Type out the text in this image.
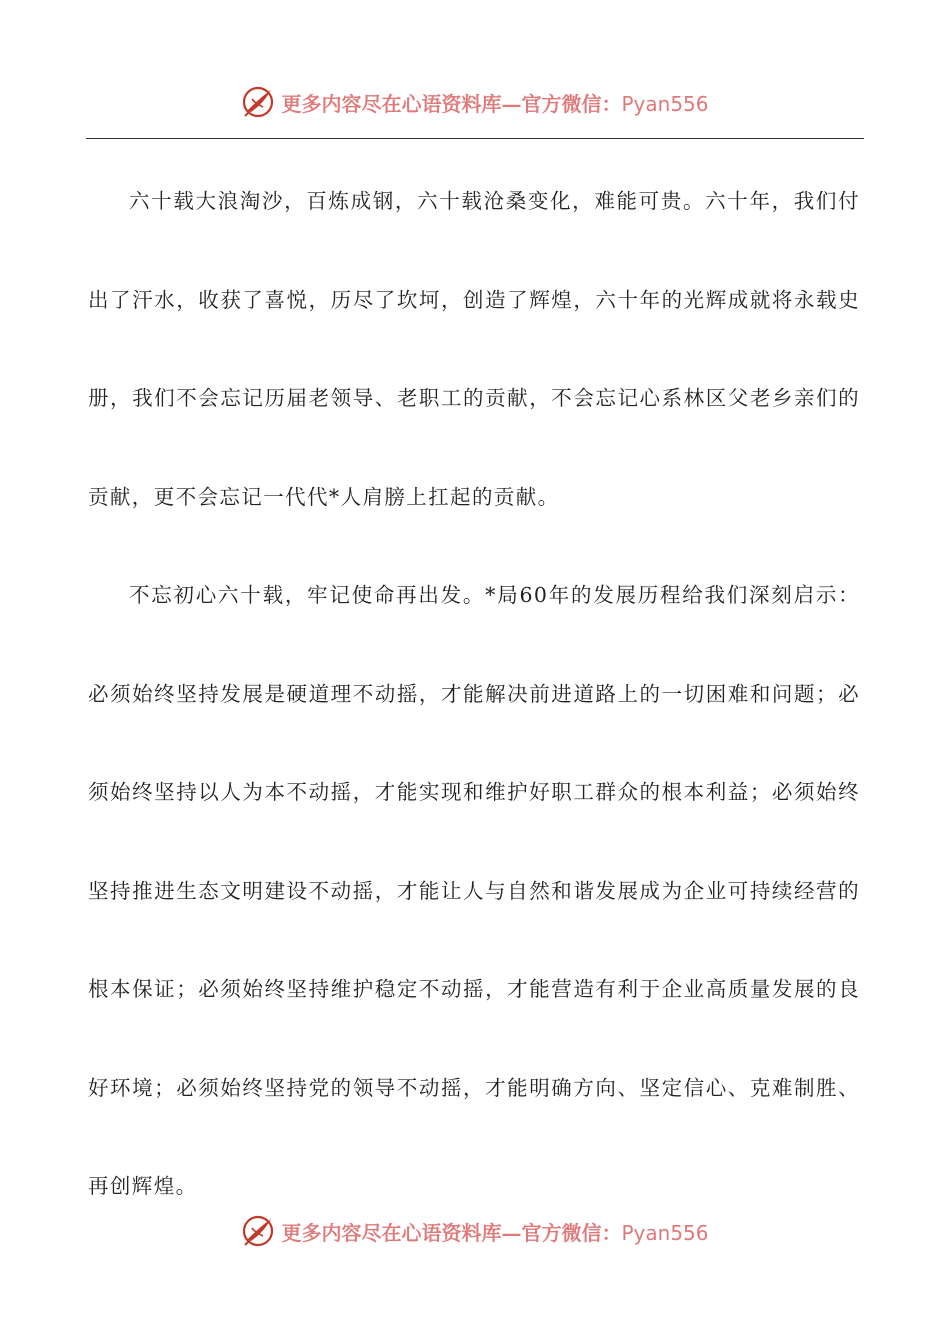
更多内容尽在心语资料库—官方微信：Pyan556

六十载大浪淘沙，百炼成钢，六十载沧桑变化，难能可贵。六十年，我们付出了汗水，收获了喜悦，历尽了坎坷，创造了辉煌，六十年的光辉成就将永载史册，我们不会忘记历届老领导、老职工的贡献，不会忘记心系林区父老乡亲们的贡献，更不会忘记一代代*人肩膀上扛起的贡献。

不忘初心六十载，牢记使命再出发。*局60年的发展历程给我们深刻启示：必须始终坚持发展是硬道理不动摇，才能解决前进道路上的一切困难和问题；必须始终坚持以人为本不动摇，才能实现和维护好职工群众的根本利益；必须始终坚持推进生态文明建设不动摇，才能让人与自然和谐发展成为企业可持续经营的根本保证；必须始终坚持维护稳定不动摇，才能营造有利于企业高质量发展的良好环境；必须始终坚持党的领导不动摇，才能明确方向、坚定信心、克难制胜、再创辉煌。

更多内容尽在心语资料库—官方微信：Pyan556
